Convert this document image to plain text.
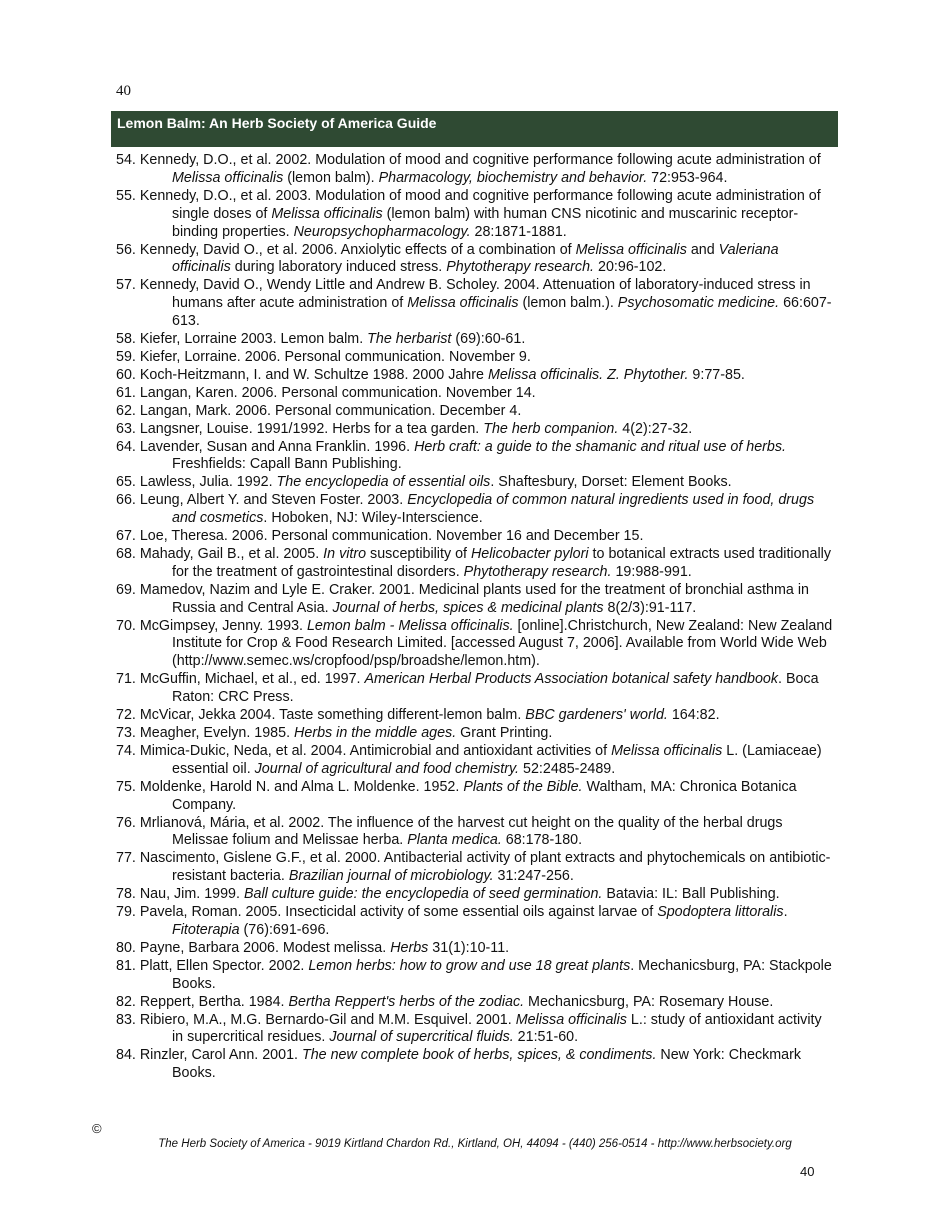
40
Lemon Balm: An Herb Society of America Guide
54. Kennedy, D.O., et al. 2002. Modulation of mood and cognitive performance following acute administration of Melissa officinalis (lemon balm). Pharmacology, biochemistry and behavior. 72:953-964.
55. Kennedy, D.O., et al. 2003. Modulation of mood and cognitive performance following acute administration of single doses of Melissa officinalis (lemon balm) with human CNS nicotinic and muscarinic receptor-binding properties. Neuropsychopharmacology. 28:1871-1881.
56. Kennedy, David O., et al. 2006. Anxiolytic effects of a combination of Melissa officinalis and Valeriana officinalis during laboratory induced stress. Phytotherapy research. 20:96-102.
57. Kennedy, David O., Wendy Little and Andrew B. Scholey. 2004. Attenuation of laboratory-induced stress in humans after acute administration of Melissa officinalis (lemon balm.). Psychosomatic medicine. 66:607-613.
58. Kiefer, Lorraine 2003. Lemon balm. The herbarist (69):60-61.
59. Kiefer, Lorraine. 2006. Personal communication. November 9.
60. Koch-Heitzmann, I. and W. Schultze 1988. 2000 Jahre Melissa officinalis. Z. Phytother. 9:77-85.
61. Langan, Karen. 2006. Personal communication. November 14.
62. Langan, Mark. 2006. Personal communication. December 4.
63. Langsner, Louise. 1991/1992. Herbs for a tea garden. The herb companion. 4(2):27-32.
64. Lavender, Susan and Anna Franklin. 1996. Herb craft: a guide to the shamanic and ritual use of herbs. Freshfields: Capall Bann Publishing.
65. Lawless, Julia. 1992. The encyclopedia of essential oils. Shaftesbury, Dorset: Element Books.
66. Leung, Albert Y. and Steven Foster. 2003. Encyclopedia of common natural ingredients used in food, drugs and cosmetics. Hoboken, NJ: Wiley-Interscience.
67. Loe, Theresa. 2006. Personal communication. November 16 and December 15.
68. Mahady, Gail B., et al. 2005. In vitro susceptibility of Helicobacter pylori to botanical extracts used traditionally for the treatment of gastrointestinal disorders. Phytotherapy research. 19:988-991.
69. Mamedov, Nazim and Lyle E. Craker. 2001. Medicinal plants used for the treatment of bronchial asthma in Russia and Central Asia. Journal of herbs, spices & medicinal plants 8(2/3):91-117.
70. McGimpsey, Jenny. 1993. Lemon balm - Melissa officinalis. [online].Christchurch, New Zealand: New Zealand Institute for Crop & Food Research Limited. [accessed August 7, 2006]. Available from World Wide Web (http://www.semec.ws/cropfood/psp/broadshe/lemon.htm).
71. McGuffin, Michael, et al., ed. 1997. American Herbal Products Association botanical safety handbook. Boca Raton: CRC Press.
72. McVicar, Jekka 2004. Taste something different-lemon balm. BBC gardeners' world. 164:82.
73. Meagher, Evelyn. 1985. Herbs in the middle ages. Grant Printing.
74. Mimica-Dukic, Neda, et al. 2004. Antimicrobial and antioxidant activities of Melissa officinalis L. (Lamiaceae) essential oil. Journal of agricultural and food chemistry. 52:2485-2489.
75. Moldenke, Harold N. and Alma L. Moldenke. 1952. Plants of the Bible. Waltham, MA: Chronica Botanica Company.
76. Mrlianová, Mária, et al. 2002. The influence of the harvest cut height on the quality of the herbal drugs Melissae folium and Melissae herba. Planta medica. 68:178-180.
77. Nascimento, Gislene G.F., et al. 2000. Antibacterial activity of plant extracts and phytochemicals on antibiotic-resistant bacteria. Brazilian journal of microbiology. 31:247-256.
78. Nau, Jim. 1999. Ball culture guide: the encyclopedia of seed germination. Batavia: IL: Ball Publishing.
79. Pavela, Roman. 2005. Insecticidal activity of some essential oils against larvae of Spodoptera littoralis. Fitoterapia (76):691-696.
80. Payne, Barbara 2006. Modest melissa. Herbs 31(1):10-11.
81. Platt, Ellen Spector. 2002. Lemon herbs: how to grow and use 18 great plants. Mechanicsburg, PA: Stackpole Books.
82. Reppert, Bertha. 1984. Bertha Reppert's herbs of the zodiac. Mechanicsburg, PA: Rosemary House.
83. Ribiero, M.A., M.G. Bernardo-Gil and M.M. Esquivel. 2001. Melissa officinalis L.: study of antioxidant activity in supercritical residues. Journal of supercritical fluids. 21:51-60.
84. Rinzler, Carol Ann. 2001. The new complete book of herbs, spices, & condiments. New York: Checkmark Books.
©
The Herb Society of America - 9019 Kirtland Chardon Rd., Kirtland, OH, 44094 - (440) 256-0514 - http://www.herbsociety.org
40
